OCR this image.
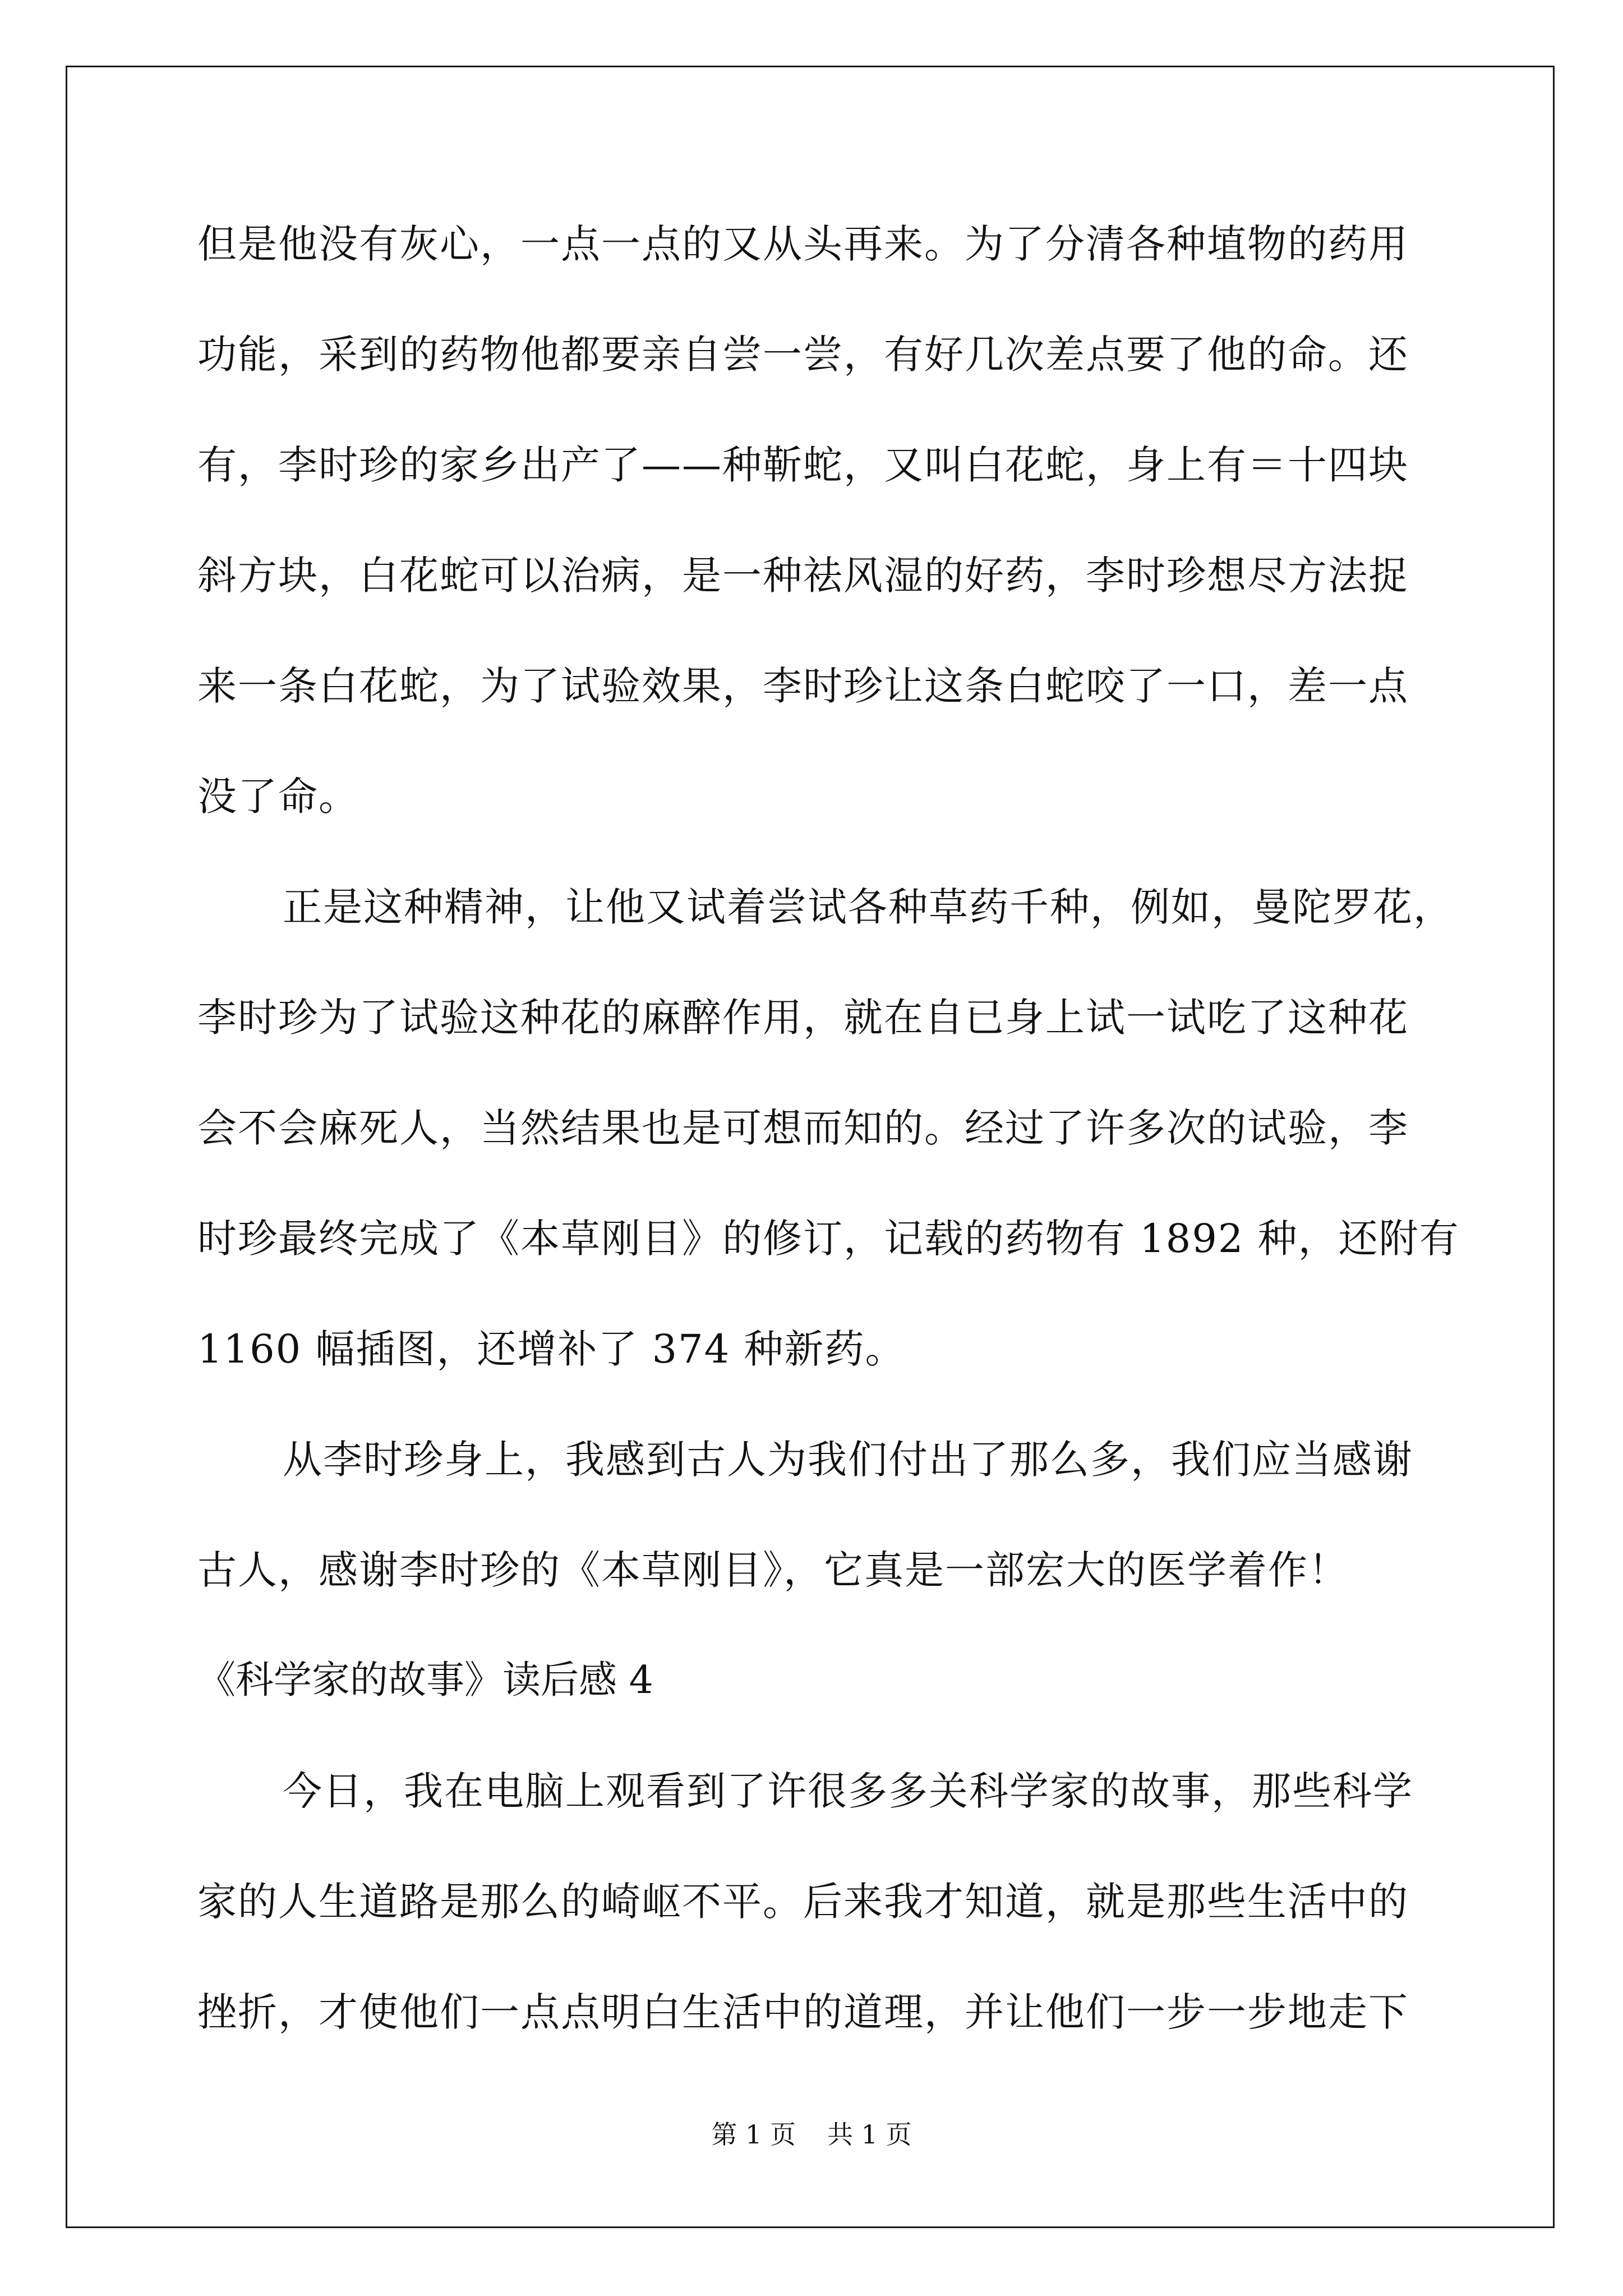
但是他没有灰心，一点一点的又从头再来。为了分清各种埴物的药用
功能，采到的药物他都要亲自尝一尝，有好几次差点要了他的命。还
有，李时珍的家乡出产了——种靳蛇，又叫白花蛇，身上有＝十四块
斜方块，白花蛇可以治病，是一种祛风湿的好药，李时珍想尽方法捉
来一条白花蛇，为了试验效果，李时珍让这条白蛇咬了一口，差一点
没了命。
正是这种精神，让他又试着尝试各种草药千种，例如，曼陀罗花，
李时珍为了试验这种花的麻醉作用，就在自已身上试一试吃了这种花
会不会麻死人，当然结果也是可想而知的。经过了许多次的试验，李
时珍最终完成了《本草刚目》的修订，记载的药物有 1892 种，还附有
1160 幅插图，还增补了 374 种新药。
从李时珍身上，我感到古人为我们付出了那么多，我们应当感谢
古人，感谢李时珍的《本草刚目》，它真是一部宏大的医学着作！
《科学家的故事》读后感 4
今日，我在电脑上观看到了许很多多关科学家的故事，那些科学
家的人生道路是那么的崎岖不平。后来我才知道，就是那些生活中的
挫折，才使他们一点点明白生活中的道理，并让他们一步一步地走下
第 1 页 共 1 页
